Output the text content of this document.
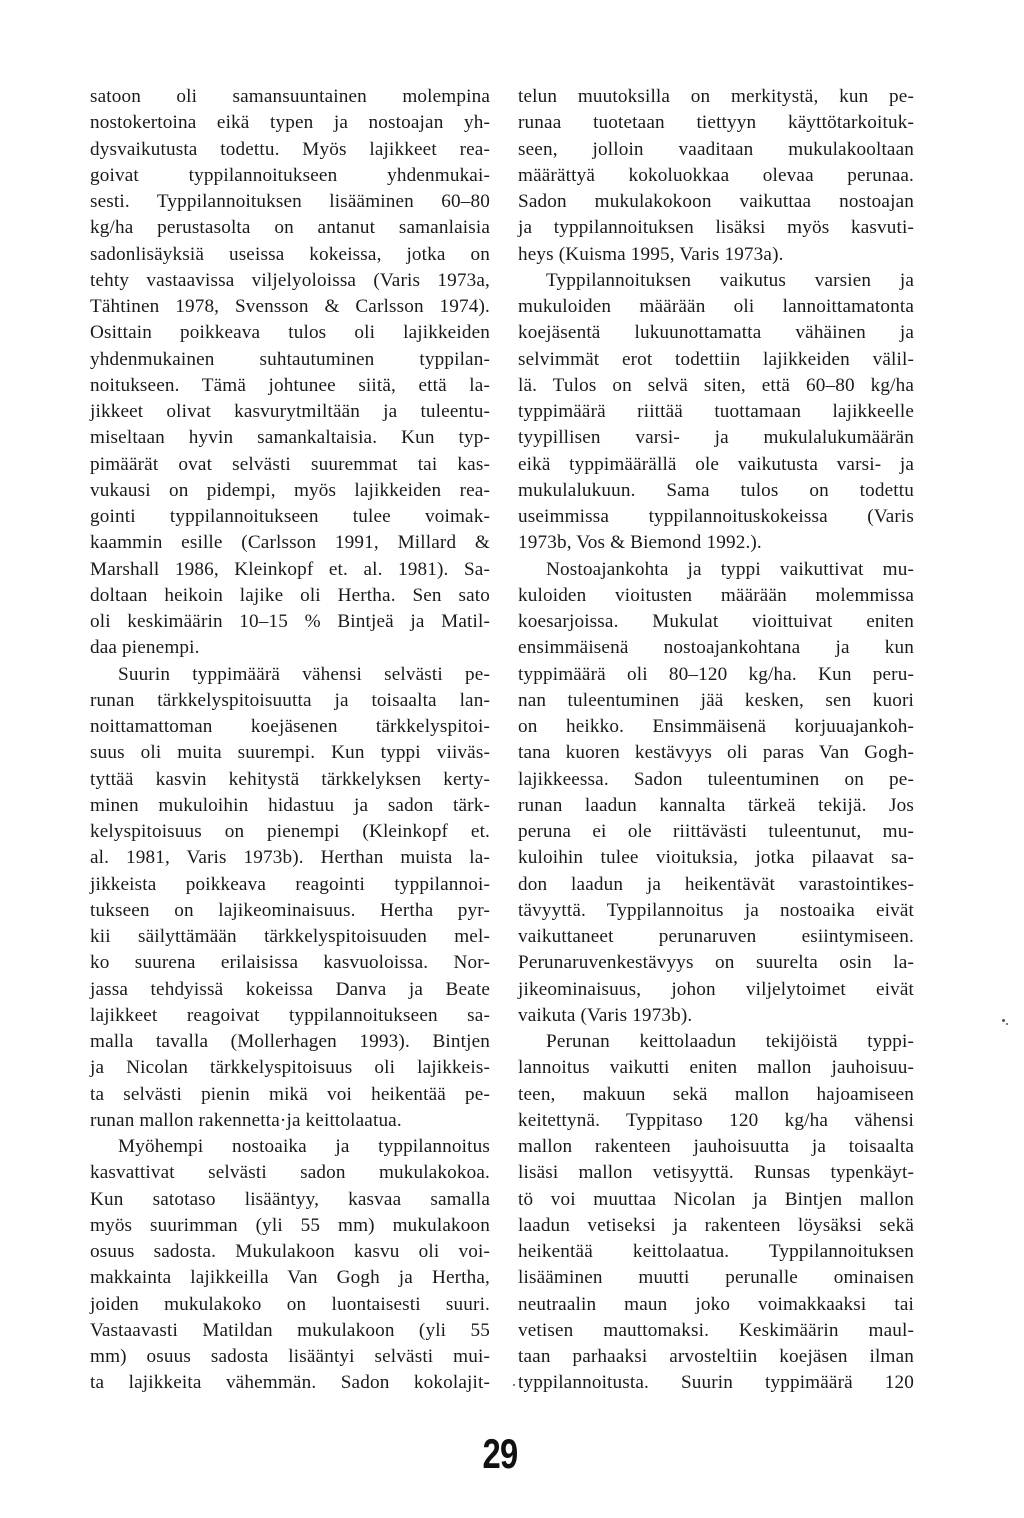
satoon oli samansuuntainen molempina
nostokertoina eikä typen ja nostoajan yh-
dysvaikutusta todettu. Myös lajikkeet rea-
goivat typpilannoitukseen yhdenmukai-
sesti. Typpilannoituksen lisääminen 60–80
kg/ha perustasolta on antanut samanlaisia
sadonlisäyksiä useissa kokeissa, jotka on
tehty vastaavissa viljelyoloissa (Varis 1973a,
Tähtinen 1978, Svensson & Carlsson 1974).
Osittain poikkeava tulos oli lajikkeiden
yhdenmukainen suhtautuminen typpilan-
noitukseen. Tämä johtunee siitä, että la-
jikkeet olivat kasvurytmiltään ja tuleentu-
miseltaan hyvin samankaltaisia. Kun typ-
pimäärät ovat selvästi suuremmat tai kas-
vukausi on pidempi, myös lajikkeiden rea-
gointi typpilannoitukseen tulee voimak-
kaammin esille (Carlsson 1991, Millard &
Marshall 1986, Kleinkopf et. al. 1981). Sa-
doltaan heikoin lajike oli Hertha. Sen sato
oli keskimäärin 10–15 % Bintjeä ja Matil-
daa pienempi.
Suurin typpimäärä vähensi selvästi pe-
runan tärkkelyspitoisuutta ja toisaalta lan-
noittamattoman koejäsenen tärkkelyspitoi-
suus oli muita suurempi. Kun typpi viiväs-
tyttää kasvin kehitystä tärkkelyksen kerty-
minen mukuloihin hidastuu ja sadon tärk-
kelyspitoisuus on pienempi (Kleinkopf et.
al. 1981, Varis 1973b). Herthan muista la-
jikkeista poikkeava reagointi typpilannoi-
tukseen on lajikeominaisuus. Hertha pyr-
kii säilyttämään tärkkelyspitoisuuden mel-
ko suurena erilaisissa kasvuoloissa. Nor-
jassa tehdyissä kokeissa Danva ja Beate
lajikkeet reagoivat typpilannoitukseen sa-
malla tavalla (Mollerhagen 1993). Bintjen
ja Nicolan tärkkelyspitoisuus oli lajikkeis-
ta selvästi pienin mikä voi heikentää pe-
runan mallon rakennetta·ja keittolaatua.
Myöhempi nostoaika ja typpilannoitus
kasvattivat selvästi sadon mukulakokoa.
Kun satotaso lisääntyy, kasvaa samalla
myös suurimman (yli 55 mm) mukulakoon
osuus sadosta. Mukulakoon kasvu oli voi-
makkainta lajikkeilla Van Gogh ja Hertha,
joiden mukulakoko on luontaisesti suuri.
Vastaavasti Matildan mukulakoon (yli 55
mm) osuus sadosta lisääntyi selvästi mui-
ta lajikkeita vähemmän. Sadon kokolajit-
telun muutoksilla on merkitystä, kun pe-
runaa tuotetaan tiettyyn käyttötarkoituk-
seen, jolloin vaaditaan mukulakooltaan
määrättyä kokoluokkaa olevaa perunaa.
Sadon mukulakokoon vaikuttaa nostoajan
ja typpilannoituksen lisäksi myös kasvuti-
heys (Kuisma 1995, Varis 1973a).
Typpilannoituksen vaikutus varsien ja
mukuloiden määrään oli lannoittamatonta
koejäsentä lukuunottamatta vähäinen ja
selvimmät erot todettiin lajikkeiden välil-
lä. Tulos on selvä siten, että 60–80 kg/ha
typpimäärä riittää tuottamaan lajikkeelle
tyypillisen varsi- ja mukulalukumäärän
eikä typpimäärällä ole vaikutusta varsi- ja
mukulalukuun. Sama tulos on todettu
useimmissa typpilannoituskokeissa (Varis
1973b, Vos & Biemond 1992.).
Nostoajankohta ja typpi vaikuttivat mu-
kuloiden vioitusten määrään molemmissa
koesarjoissa. Mukulat vioittuivat eniten
ensimmäisenä nostoajankohtana ja kun
typpimäärä oli 80–120 kg/ha. Kun peru-
nan tuleentuminen jää kesken, sen kuori
on heikko. Ensimmäisenä korjuuajankoh-
tana kuoren kestävyys oli paras Van Gogh-
lajikkeessa. Sadon tuleentuminen on pe-
runan laadun kannalta tärkeä tekijä. Jos
peruna ei ole riittävästi tuleentunut, mu-
kuloihin tulee vioituksia, jotka pilaavat sa-
don laadun ja heikentävät varastointikes-
tävyyttä. Typpilannoitus ja nostoaika eivät
vaikuttaneet perunaruven esiintymiseen.
Perunaruvenkestävyys on suurelta osin la-
jikeominaisuus, johon viljelytoimet eivät
vaikuta (Varis 1973b).
Perunan keittolaadun tekijöistä typpi-
lannoitus vaikutti eniten mallon jauhoisuu-
teen, makuun sekä mallon hajoamiseen
keitettynä. Typpitaso 120 kg/ha vähensi
mallon rakenteen jauhoisuutta ja toisaalta
lisäsi mallon vetisyyttä. Runsas typenkäyt-
tö voi muuttaa Nicolan ja Bintjen mallon
laadun vetiseksi ja rakenteen löysäksi sekä
heikentää keittolaatua. Typpilannoituksen
lisääminen muutti perunalle ominaisen
neutraalin maun joko voimakkaaksi tai
vetisen mauttomaksi. Keskimäärin maul-
taan parhaaksi arvosteltiin koejäsen ilman
typpilannoitusta. Suurin typpimäärä 120
29
